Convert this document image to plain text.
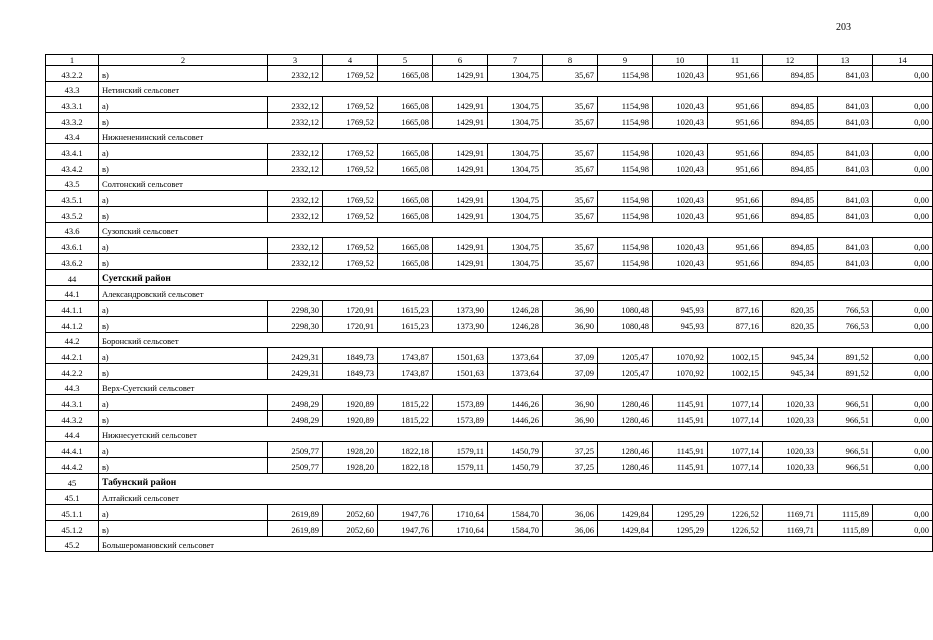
203
1	2	3	4	5	6	7	8	9	10	11	12	13	14
43.2.2	в)	2332,12	1769,52	1665,08	1429,91	1304,75	35,67	1154,98	1020,43	951,66	894,85	841,03	0,00
43.3	Нетинский сельсовет												
43.3.1	а)	2332,12	1769,52	1665,08	1429,91	1304,75	35,67	1154,98	1020,43	951,66	894,85	841,03	0,00
43.3.2	в)	2332,12	1769,52	1665,08	1429,91	1304,75	35,67	1154,98	1020,43	951,66	894,85	841,03	0,00
43.4	Нижнененинский сельсовет												
43.4.1	а)	2332,12	1769,52	1665,08	1429,91	1304,75	35,67	1154,98	1020,43	951,66	894,85	841,03	0,00
43.4.2	в)	2332,12	1769,52	1665,08	1429,91	1304,75	35,67	1154,98	1020,43	951,66	894,85	841,03	0,00
43.5	Солтонский сельсовет												
43.5.1	а)	2332,12	1769,52	1665,08	1429,91	1304,75	35,67	1154,98	1020,43	951,66	894,85	841,03	0,00
43.5.2	в)	2332,12	1769,52	1665,08	1429,91	1304,75	35,67	1154,98	1020,43	951,66	894,85	841,03	0,00
43.6	Сузопский сельсовет												
43.6.1	а)	2332,12	1769,52	1665,08	1429,91	1304,75	35,67	1154,98	1020,43	951,66	894,85	841,03	0,00
43.6.2	в)	2332,12	1769,52	1665,08	1429,91	1304,75	35,67	1154,98	1020,43	951,66	894,85	841,03	0,00
44	Суетский район												
44.1	Александровский сельсовет												
44.1.1	а)	2298,30	1720,91	1615,23	1373,90	1246,28	36,90	1080,48	945,93	877,16	820,35	766,53	0,00
44.1.2	в)	2298,30	1720,91	1615,23	1373,90	1246,28	36,90	1080,48	945,93	877,16	820,35	766,53	0,00
44.2	Боронский сельсовет												
44.2.1	а)	2429,31	1849,73	1743,87	1501,63	1373,64	37,09	1205,47	1070,92	1002,15	945,34	891,52	0,00
44.2.2	в)	2429,31	1849,73	1743,87	1501,63	1373,64	37,09	1205,47	1070,92	1002,15	945,34	891,52	0,00
44.3	Верх-Суетский сельсовет												
44.3.1	а)	2498,29	1920,89	1815,22	1573,89	1446,26	36,90	1280,46	1145,91	1077,14	1020,33	966,51	0,00
44.3.2	в)	2498,29	1920,89	1815,22	1573,89	1446,26	36,90	1280,46	1145,91	1077,14	1020,33	966,51	0,00
44.4	Нижнесуетский сельсовет												
44.4.1	а)	2509,77	1928,20	1822,18	1579,11	1450,79	37,25	1280,46	1145,91	1077,14	1020,33	966,51	0,00
44.4.2	в)	2509,77	1928,20	1822,18	1579,11	1450,79	37,25	1280,46	1145,91	1077,14	1020,33	966,51	0,00
45	Табунский район												
45.1	Алтайский сельсовет												
45.1.1	а)	2619,89	2052,60	1947,76	1710,64	1584,70	36,06	1429,84	1295,29	1226,52	1169,71	1115,89	0,00
45.1.2	в)	2619,89	2052,60	1947,76	1710,64	1584,70	36,06	1429,84	1295,29	1226,52	1169,71	1115,89	0,00
45.2	Большеромановский сельсовет												
